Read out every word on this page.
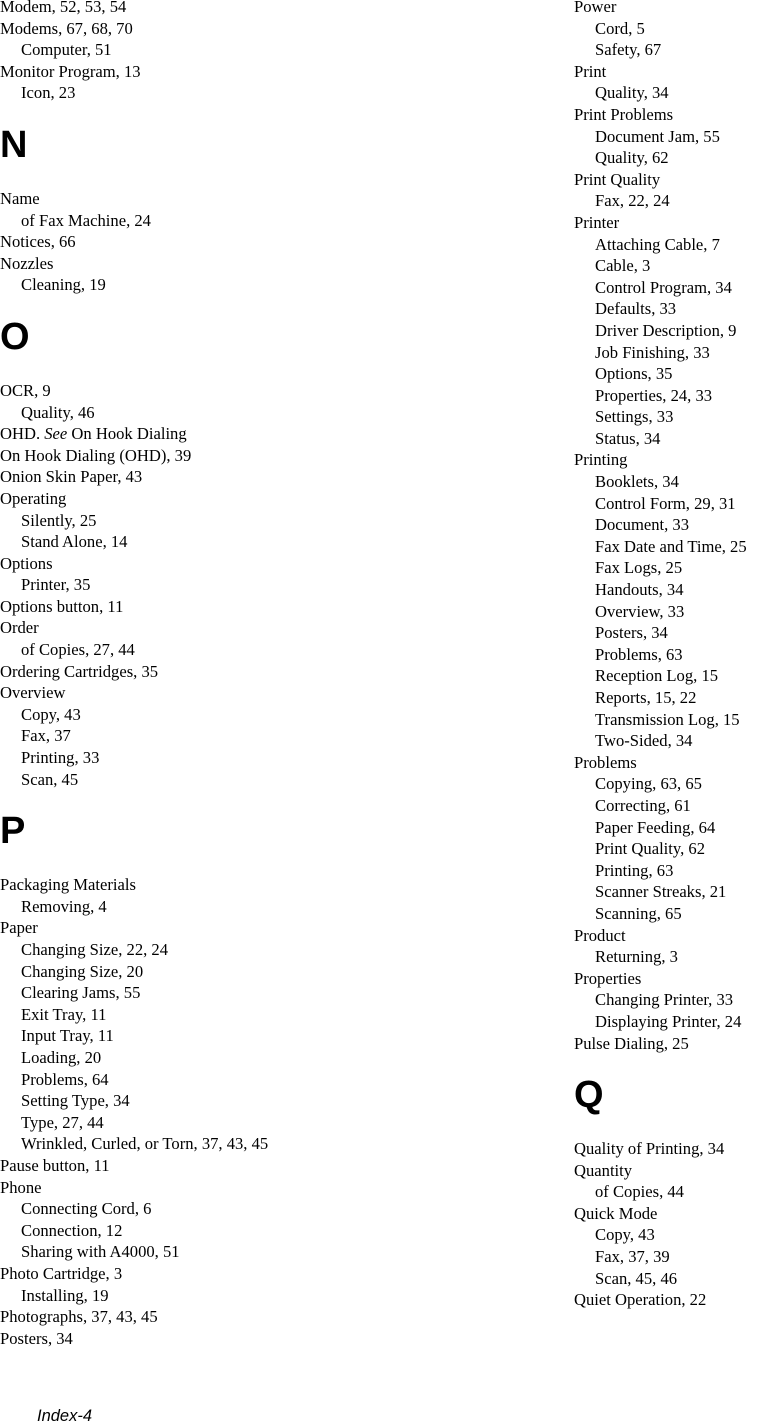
Modem, 52, 53, 54
Modems, 67, 68, 70
Computer, 51
Monitor Program, 13
Icon, 23
N
Name
of Fax Machine, 24
Notices, 66
Nozzles
Cleaning, 19
O
OCR, 9
Quality, 46
OHD. See On Hook Dialing
On Hook Dialing (OHD), 39
Onion Skin Paper, 43
Operating
Silently, 25
Stand Alone, 14
Options
Printer, 35
Options button, 11
Order
of Copies, 27, 44
Ordering Cartridges, 35
Overview
Copy, 43
Fax, 37
Printing, 33
Scan, 45
P
Packaging Materials
Removing, 4
Paper
Changing Size, 22, 24
Changing Size, 20
Clearing Jams, 55
Exit Tray, 11
Input Tray, 11
Loading, 20
Problems, 64
Setting Type, 34
Type, 27, 44
Wrinkled, Curled, or Torn, 37, 43, 45
Pause button, 11
Phone
Connecting Cord, 6
Connection, 12
Sharing with A4000, 51
Photo Cartridge, 3
Installing, 19
Photographs, 37, 43, 45
Posters, 34
Power
Cord, 5
Safety, 67
Print
Quality, 34
Print Problems
Document Jam, 55
Quality, 62
Print Quality
Fax, 22, 24
Printer
Attaching Cable, 7
Cable, 3
Control Program, 34
Defaults, 33
Driver Description, 9
Job Finishing, 33
Options, 35
Properties, 24, 33
Settings, 33
Status, 34
Printing
Booklets, 34
Control Form, 29, 31
Document, 33
Fax Date and Time, 25
Fax Logs, 25
Handouts, 34
Overview, 33
Posters, 34
Problems, 63
Reception Log, 15
Reports, 15, 22
Transmission Log, 15
Two-Sided, 34
Problems
Copying, 63, 65
Correcting, 61
Paper Feeding, 64
Print Quality, 62
Printing, 63
Scanner Streaks, 21
Scanning, 65
Product
Returning, 3
Properties
Changing Printer, 33
Displaying Printer, 24
Pulse Dialing, 25
Q
Quality of Printing, 34
Quantity
of Copies, 44
Quick Mode
Copy, 43
Fax, 37, 39
Scan, 45, 46
Quiet Operation, 22
Index-4
